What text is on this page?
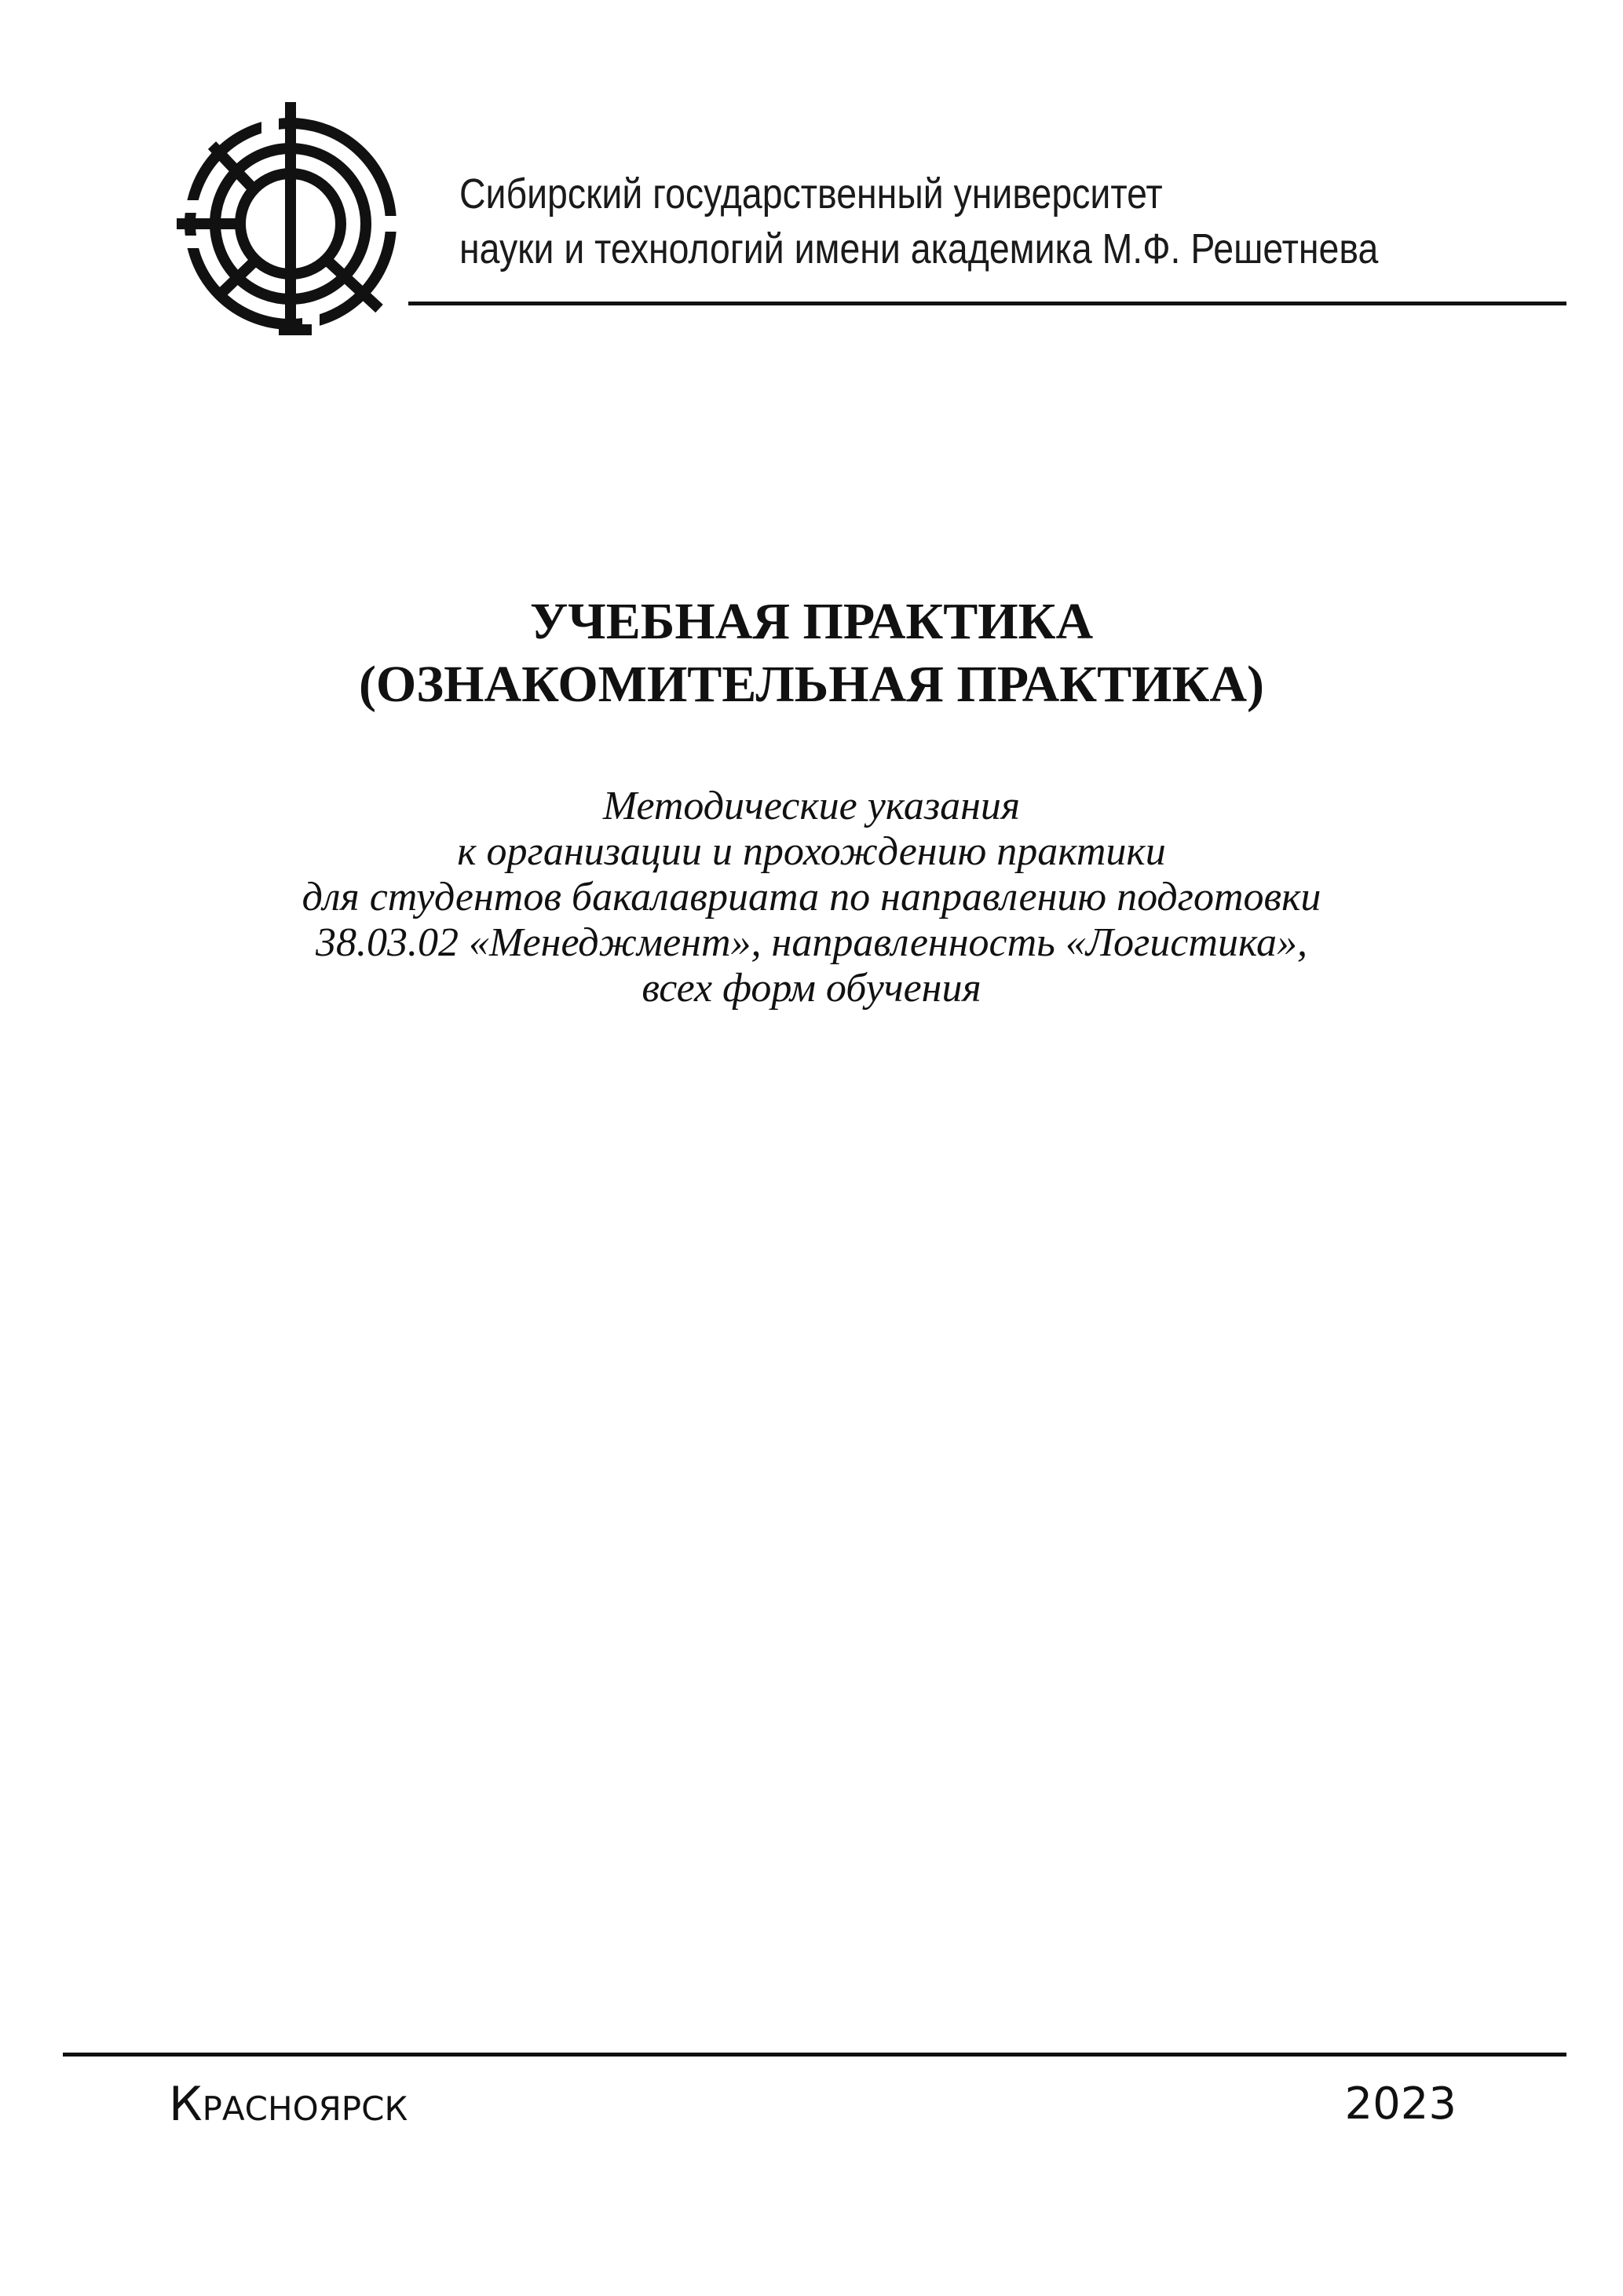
Сибирский государственный университет
науки и технологий имени академика М.Ф. Решетнева
УЧЕБНАЯ ПРАКТИКА
(ОЗНАКОМИТЕЛЬНАЯ ПРАКТИКА)
Методические указания
к организации и прохождению практики
для студентов бакалавриата по направлению подготовки
38.03.02 «Менеджмент», направленность «Логистика»,
всех форм обучения
Красноярск	2023
